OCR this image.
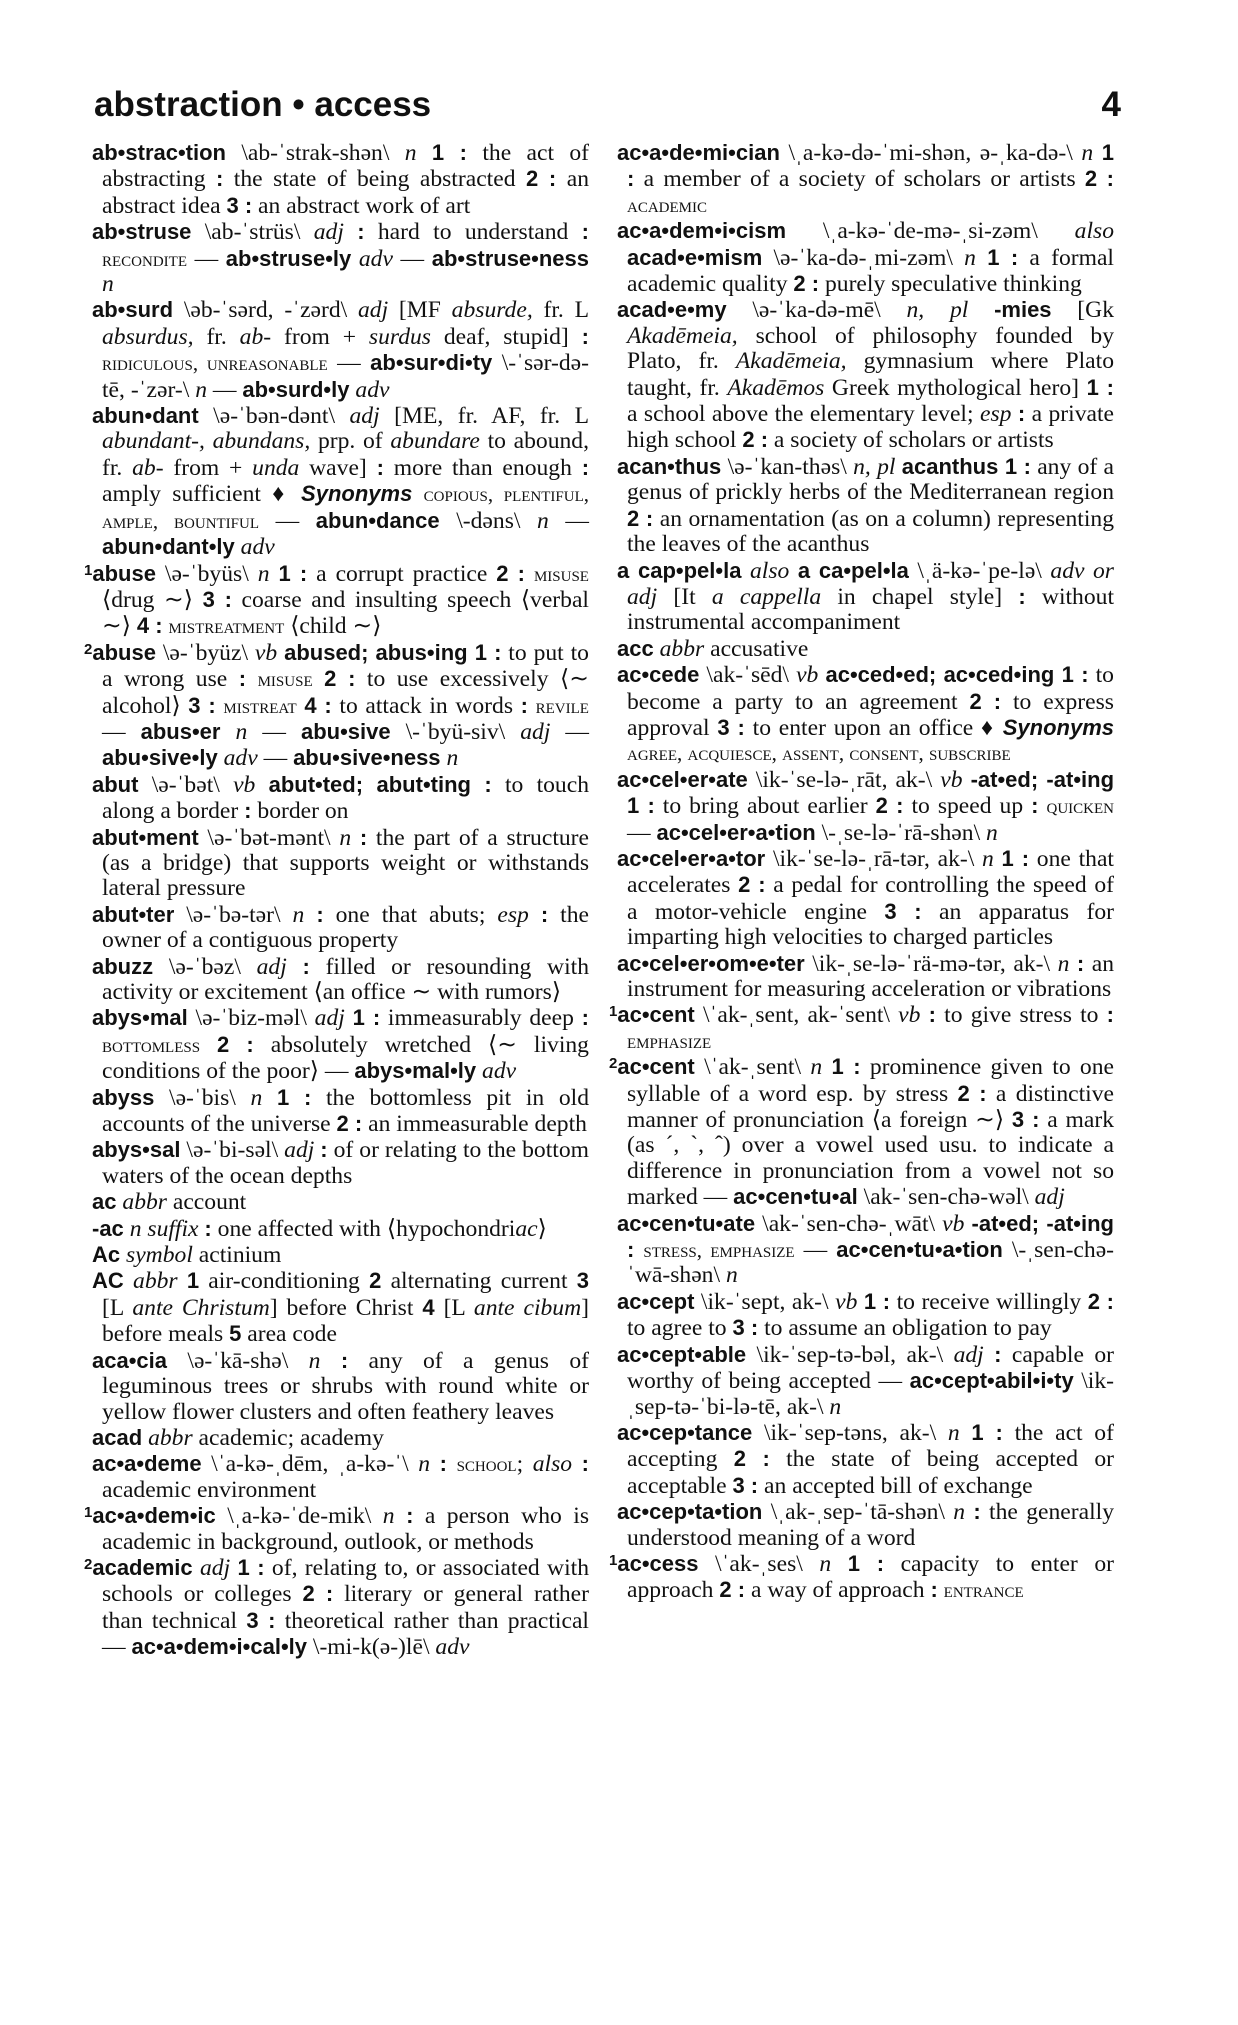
abstraction • access	4

ab•strac•tion \ab-ˈstrak-shən\ n 1 : the act of abstracting : the state of being abstracted 2 : an abstract idea 3 : an abstract work of art

ab•struse \ab-ˈstrüs\ adj : hard to understand : recondite — ab•struse•ly adv — ab•struse•ness n

ab•surd \əb-ˈsərd, -ˈzərd\ adj [MF absurde, fr. L absurdus, fr. ab- from + surdus deaf, stupid] : ridiculous, unreasonable — ab•sur•di•ty \-ˈsər-də-tē, -ˈzər-\ n — ab•surd•ly adv

abun•dant \ə-ˈbən-dənt\ adj [ME, fr. AF, fr. L abundant-, abundans, prp. of abundare to abound, fr. ab- from + unda wave] : more than enough : amply sufficient ♦ Synonyms copious, plentiful, ample, bountiful — abun•dance \-dəns\ n — abun•dant•ly adv

$^1$abuse \ə-ˈbyüs\ n 1 : a corrupt practice 2 : misuse ⟨drug ∼⟩ 3 : coarse and insulting speech ⟨verbal ∼⟩ 4 : mistreatment ⟨child ∼⟩

$^2$abuse \ə-ˈbyüz\ vb abused; abus•ing 1 : to put to a wrong use : misuse 2 : to use excessively ⟨∼ alcohol⟩ 3 : mistreat 4 : to attack in words : revile — abus•er n — abu•sive \-ˈbyü-siv\ adj — abu•sive•ly adv — abu•sive•ness n

abut \ə-ˈbət\ vb abut•ted; abut•ting : to touch along a border : border on

abut•ment \ə-ˈbət-mənt\ n : the part of a structure (as a bridge) that supports weight or withstands lateral pressure

abut•ter \ə-ˈbə-tər\ n : one that abuts; esp : the owner of a contiguous property

abuzz \ə-ˈbəz\ adj : filled or resounding with activity or excitement ⟨an office ∼ with rumors⟩

abys•mal \ə-ˈbiz-məl\ adj 1 : immeasurably deep : bottomless 2 : absolutely wretched ⟨∼ living conditions of the poor⟩ — abys•mal•ly adv

abyss \ə-ˈbis\ n 1 : the bottomless pit in old accounts of the universe 2 : an immeasurable depth

abys•sal \ə-ˈbi-səl\ adj : of or relating to the bottom waters of the ocean depths

ac abbr account

-ac n suffix : one affected with ⟨hypochondriac⟩

Ac symbol actinium

AC abbr 1 air-conditioning 2 alternating current 3 [L ante Christum] before Christ 4 [L ante cibum] before meals 5 area code

aca•cia \ə-ˈkā-shə\ n : any of a genus of leguminous trees or shrubs with round white or yellow flower clusters and often feathery leaves

acad abbr academic; academy

ac•a•deme \ˈa-kə-ˌdēm, ˌa-kə-ˈ\ n : school; also : academic environment

$^1$ac•a•dem•ic \ˌa-kə-ˈde-mik\ n : a person who is academic in background, outlook, or methods

$^2$academic adj 1 : of, relating to, or associated with schools or colleges 2 : literary or general rather than technical 3 : theoretical rather than practical — ac•a•dem•i•cal•ly \-mi-k(ə-)lē\ adv

ac•a•de•mi•cian \ˌa-kə-də-ˈmi-shən, ə-ˌka-də-\ n 1 : a member of a society of scholars or artists 2 : academic

ac•a•dem•i•cism \ˌa-kə-ˈde-mə-ˌsi-zəm\ also acad•e•mism \ə-ˈka-də-ˌmi-zəm\ n 1 : a formal academic quality 2 : purely speculative thinking

acad•e•my \ə-ˈka-də-mē\ n, pl -mies [Gk Akadēmeia, school of philosophy founded by Plato, fr. Akadēmeia, gymnasium where Plato taught, fr. Akadēmos Greek mythological hero] 1 : a school above the elementary level; esp : a private high school 2 : a society of scholars or artists

acan•thus \ə-ˈkan-thəs\ n, pl acanthus 1 : any of a genus of prickly herbs of the Mediterranean region 2 : an ornamentation (as on a column) representing the leaves of the acanthus

a cap•pel•la also a ca•pel•la \ˌä-kə-ˈpe-lə\ adv or adj [It a cappella in chapel style] : without instrumental accompaniment

acc abbr accusative

ac•cede \ak-ˈsēd\ vb ac•ced•ed; ac•ced•ing 1 : to become a party to an agreement 2 : to express approval 3 : to enter upon an office ♦ Synonyms agree, acquiesce, assent, consent, subscribe

ac•cel•er•ate \ik-ˈse-lə-ˌrāt, ak-\ vb -at•ed; -at•ing 1 : to bring about earlier 2 : to speed up : quicken — ac•cel•er•a•tion \-ˌse-lə-ˈrā-shən\ n

ac•cel•er•a•tor \ik-ˈse-lə-ˌrā-tər, ak-\ n 1 : one that accelerates 2 : a pedal for controlling the speed of a motor-vehicle engine 3 : an apparatus for imparting high velocities to charged particles

ac•cel•er•om•e•ter \ik-ˌse-lə-ˈrä-mə-tər, ak-\ n : an instrument for measuring acceleration or vibrations

$^1$ac•cent \ˈak-ˌsent, ak-ˈsent\ vb : to give stress to : emphasize

$^2$ac•cent \ˈak-ˌsent\ n 1 : prominence given to one syllable of a word esp. by stress 2 : a distinctive manner of pronunciation ⟨a foreign ∼⟩ 3 : a mark (as ´, `, ˆ) over a vowel used usu. to indicate a difference in pronunciation from a vowel not so marked — ac•cen•tu•al \ak-ˈsen-chə-wəl\ adj

ac•cen•tu•ate \ak-ˈsen-chə-ˌwāt\ vb -at•ed; -at•ing : stress, emphasize — ac•cen•tu•a•tion \-ˌsen-chə-ˈwā-shən\ n

ac•cept \ik-ˈsept, ak-\ vb 1 : to receive willingly 2 : to agree to 3 : to assume an obligation to pay

ac•cept•able \ik-ˈsep-tə-bəl, ak-\ adj : capable or worthy of being accepted — ac•cept•abil•i•ty \ik-ˌsep-tə-ˈbi-lə-tē, ak-\ n

ac•cep•tance \ik-ˈsep-təns, ak-\ n 1 : the act of accepting 2 : the state of being accepted or acceptable 3 : an accepted bill of exchange

ac•cep•ta•tion \ˌak-ˌsep-ˈtā-shən\ n : the generally understood meaning of a word

$^1$ac•cess \ˈak-ˌses\ n 1 : capacity to enter or approach 2 : a way of approach : entrance
